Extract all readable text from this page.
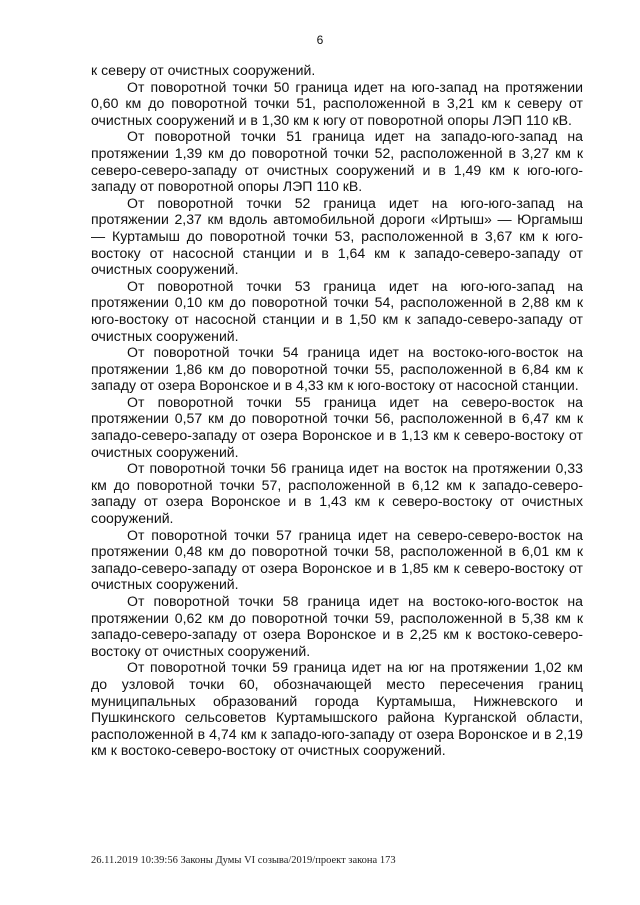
6

к северу от очистных сооружений.

От поворотной точки 50 граница идет на юго-запад на протяжении 0,60 км до поворотной точки 51, расположенной в 3,21 км к северу от очистных сооружений и в 1,30 км к югу от поворотной опоры ЛЭП 110 кВ.

От поворотной точки 51 граница идет на западо-юго-запад на протяжении 1,39 км до поворотной точки 52, расположенной в 3,27 км к северо-северо-западу от очистных сооружений и в 1,49 км к юго-юго-западу от поворотной опоры ЛЭП 110 кВ.

От поворотной точки 52 граница идет на юго-юго-запад на протяжении 2,37 км вдоль автомобильной дороги «Иртыш» — Юргамыш — Куртамыш до поворотной точки 53, расположенной в 3,67 км к юго-востоку от насосной станции и в 1,64 км к западо-северо-западу от очистных сооружений.

От поворотной точки 53 граница идет на юго-юго-запад на протяжении 0,10 км до поворотной точки 54, расположенной в 2,88 км к юго-востоку от насосной станции и в 1,50 км к западо-северо-западу от очистных сооружений.

От поворотной точки 54 граница идет на востоко-юго-восток на протяжении 1,86 км до поворотной точки 55, расположенной в 6,84 км к западу от озера Воронское и в 4,33 км к юго-востоку от насосной станции.

От поворотной точки 55 граница идет на северо-восток на протяжении 0,57 км до поворотной точки 56, расположенной в 6,47 км к западо-северо-западу от озера Воронское и в 1,13 км к северо-востоку от очистных сооружений.

От поворотной точки 56 граница идет на восток на протяжении 0,33 км до поворотной точки 57, расположенной в 6,12 км к западо-северо-западу от озера Воронское и в 1,43 км к северо-востоку от очистных сооружений.

От поворотной точки 57 граница идет на северо-северо-восток на протяжении 0,48 км до поворотной точки 58, расположенной в 6,01 км к западо-северо-западу от озера Воронское и в 1,85 км к северо-востоку от очистных сооружений.

От поворотной точки 58 граница идет на востоко-юго-восток на протяжении 0,62 км до поворотной точки 59, расположенной в 5,38 км к западо-северо-западу от озера Воронское и в 2,25 км к востоко-северо-востоку от очистных сооружений.

От поворотной точки 59 граница идет на юг на протяжении 1,02 км до узловой точки 60, обозначающей место пересечения границ муниципальных образований города Куртамыша, Нижневского и Пушкинского сельсоветов Куртамышского района Курганской области, расположенной в 4,74 км к западо-юго-западу от озера Воронское и в 2,19 км к востоко-северо-востоку от очистных сооружений.

26.11.2019 10:39:56 Законы Думы VI созыва/2019/проект закона 173
